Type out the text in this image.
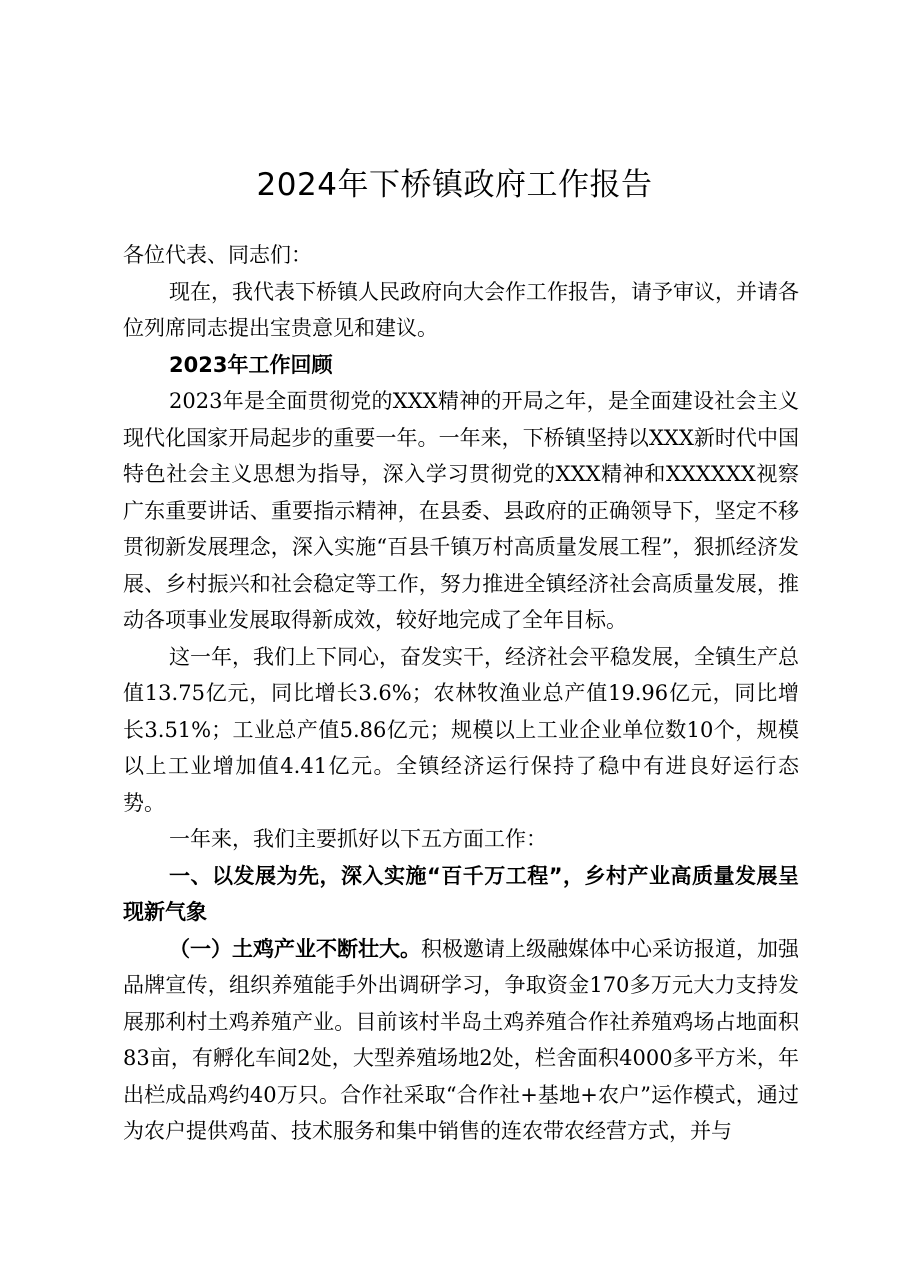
2024年下桥镇政府工作报告

各位代表、同志们：

现在，我代表下桥镇人民政府向大会作工作报告，请予审议，并请各位列席同志提出宝贵意见和建议。

2023年工作回顾

2023年是全面贯彻党的XXX精神的开局之年，是全面建设社会主义现代化国家开局起步的重要一年。一年来，下桥镇坚持以XXX新时代中国特色社会主义思想为指导，深入学习贯彻党的XXX精神和XXXXXX视察广东重要讲话、重要指示精神，在县委、县政府的正确领导下，坚定不移贯彻新发展理念，深入实施“百县千镇万村高质量发展工程”，狠抓经济发展、乡村振兴和社会稳定等工作，努力推进全镇经济社会高质量发展，推动各项事业发展取得新成效，较好地完成了全年目标。

这一年，我们上下同心，奋发实干，经济社会平稳发展，全镇生产总值13.75亿元，同比增长3.6%；农林牧渔业总产值19.96亿元，同比增长3.51%；工业总产值5.86亿元；规模以上工业企业单位数10个，规模以上工业增加值4.41亿元。全镇经济运行保持了稳中有进良好运行态势。

一年来，我们主要抓好以下五方面工作：

一、以发展为先，深入实施“百千万工程”，乡村产业高质量发展呈现新气象

（一）土鸡产业不断壮大。积极邀请上级融媒体中心采访报道，加强品牌宣传，组织养殖能手外出调研学习，争取资金170多万元大力支持发展那利村土鸡养殖产业。目前该村半岛土鸡养殖合作社养殖鸡场占地面积83亩，有孵化车间2处，大型养殖场地2处，栏舍面积4000多平方米，年出栏成品鸡约40万只。合作社采取“合作社+基地+农户”运作模式，通过为农户提供鸡苗、技术服务和集中销售的连农带农经营方式，并与
